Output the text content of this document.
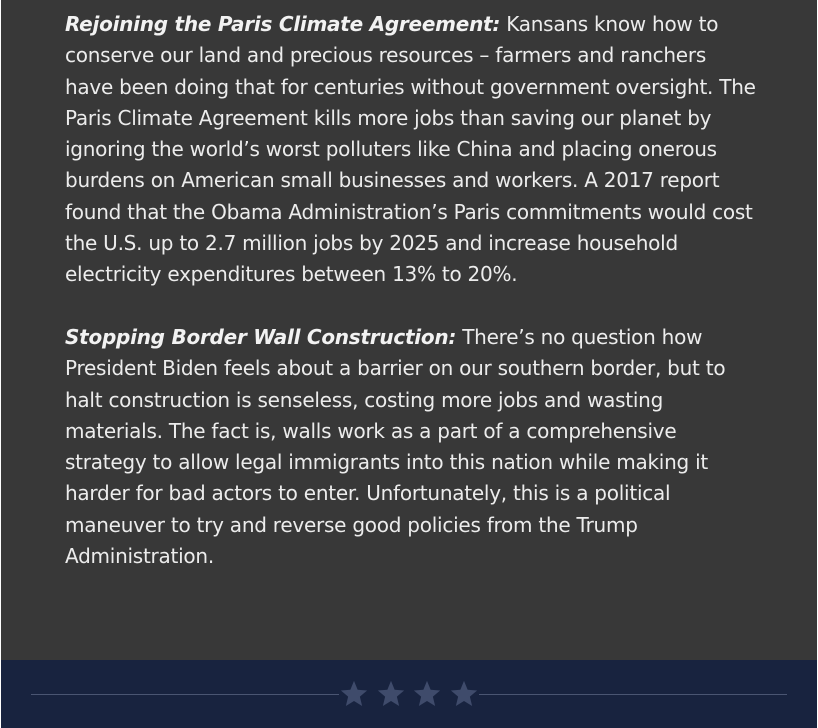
Rejoining the Paris Climate Agreement: Kansans know how to conserve our land and precious resources – farmers and ranchers have been doing that for centuries without government oversight. The Paris Climate Agreement kills more jobs than saving our planet by ignoring the world’s worst polluters like China and placing onerous burdens on American small businesses and workers. A 2017 report found that the Obama Administration’s Paris commitments would cost the U.S. up to 2.7 million jobs by 2025 and increase household electricity expenditures between 13% to 20%.

Stopping Border Wall Construction: There’s no question how President Biden feels about a barrier on our southern border, but to halt construction is senseless, costing more jobs and wasting materials. The fact is, walls work as a part of a comprehensive strategy to allow legal immigrants into this nation while making it harder for bad actors to enter. Unfortunately, this is a political maneuver to try and reverse good policies from the Trump Administration.
